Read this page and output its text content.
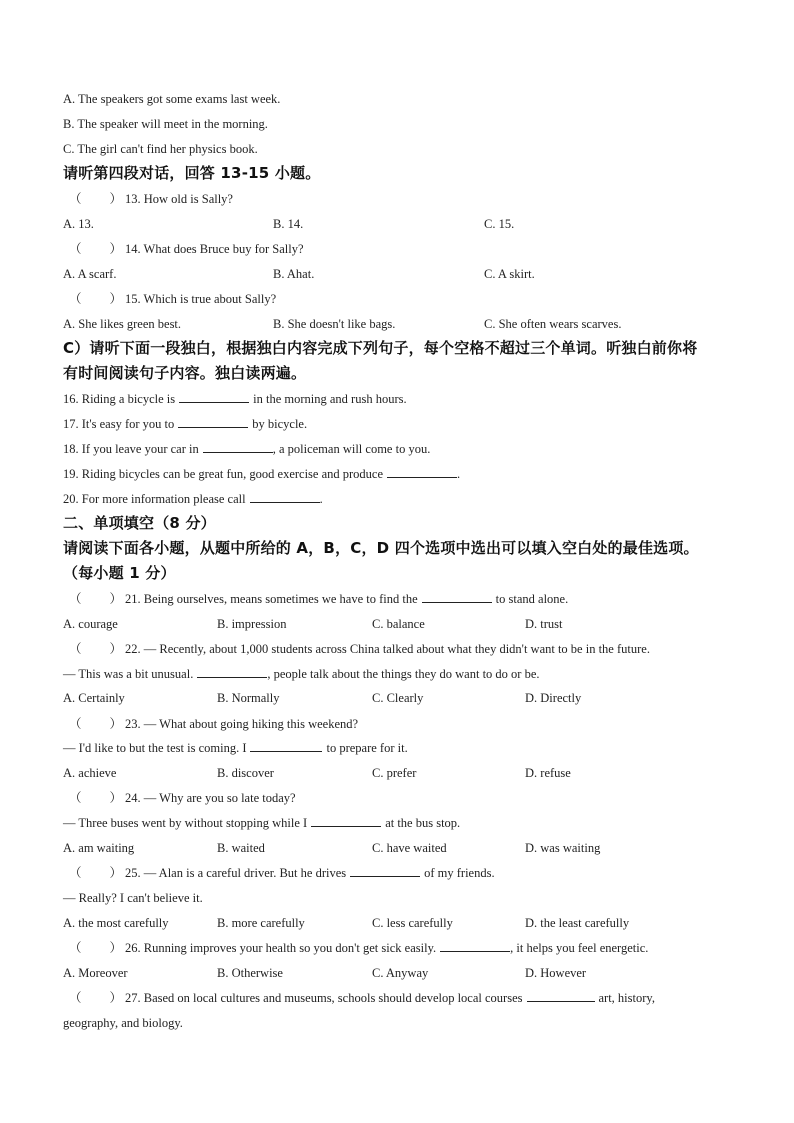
A. The speakers got some exams last week.
B. The speaker will meet in the morning.
C. The girl can't find her physics book.
请听第四段对话，回答 13-15 小题。
（ ） 13. How old is Sally?
A. 13.	B. 14.	C. 15.
（ ） 14. What does Bruce buy for Sally?
A. A scarf.	B. Ahat.	C. A skirt.
（ ） 15. Which is true about Sally?
A. She likes green best.	B. She doesn't like bags.	C. She often wears scarves.
C）请听下面一段独白，根据独白内容完成下列句子，每个空格不超过三个单词。听独白前你将
有时间阅读句子内容。独白读两遍。
16. Riding a bicycle is	in the morning and rush hours.
17. It's easy for you to	by bicycle.
18. If you leave your car in	, a policeman will come to you.
19. Riding bicycles can be great fun, good exercise and produce	.
20. For more information please call	.
二、单项填空（8 分）
请阅读下面各小题，从题中所给的 A，B，C，D 四个选项中选出可以填入空白处的最佳选项。
（每小题 1 分）
（ ） 21. Being ourselves, means sometimes we have to find the	to stand alone.
A. courage	B. impression	C. balance	D. trust
（ ） 22. — Recently, about 1,000 students across China talked about what they didn't want to be in the future.
— This was a bit unusual.	, people talk about the things they do want to do or be.
A. Certainly	B. Normally	C. Clearly	D. Directly
（ ） 23. — What about going hiking this weekend?
— I'd like to but the test is coming. I	to prepare for it.
A. achieve	B. discover	C. prefer	D. refuse
（ ） 24. — Why are you so late today?
— Three buses went by without stopping while I	at the bus stop.
A. am waiting	B. waited	C. have waited	D. was waiting
（ ） 25. — Alan is a careful driver. But he drives	of my friends.
— Really? I can't believe it.
A. the most carefully	B. more carefully	C. less carefully	D. the least carefully
（ ） 26. Running improves your health so you don't get sick easily.	, it helps you feel energetic.
A. Moreover	B. Otherwise	C. Anyway	D. However
（ ） 27. Based on local cultures and museums, schools should develop local courses	art, history,
geography, and biology.
